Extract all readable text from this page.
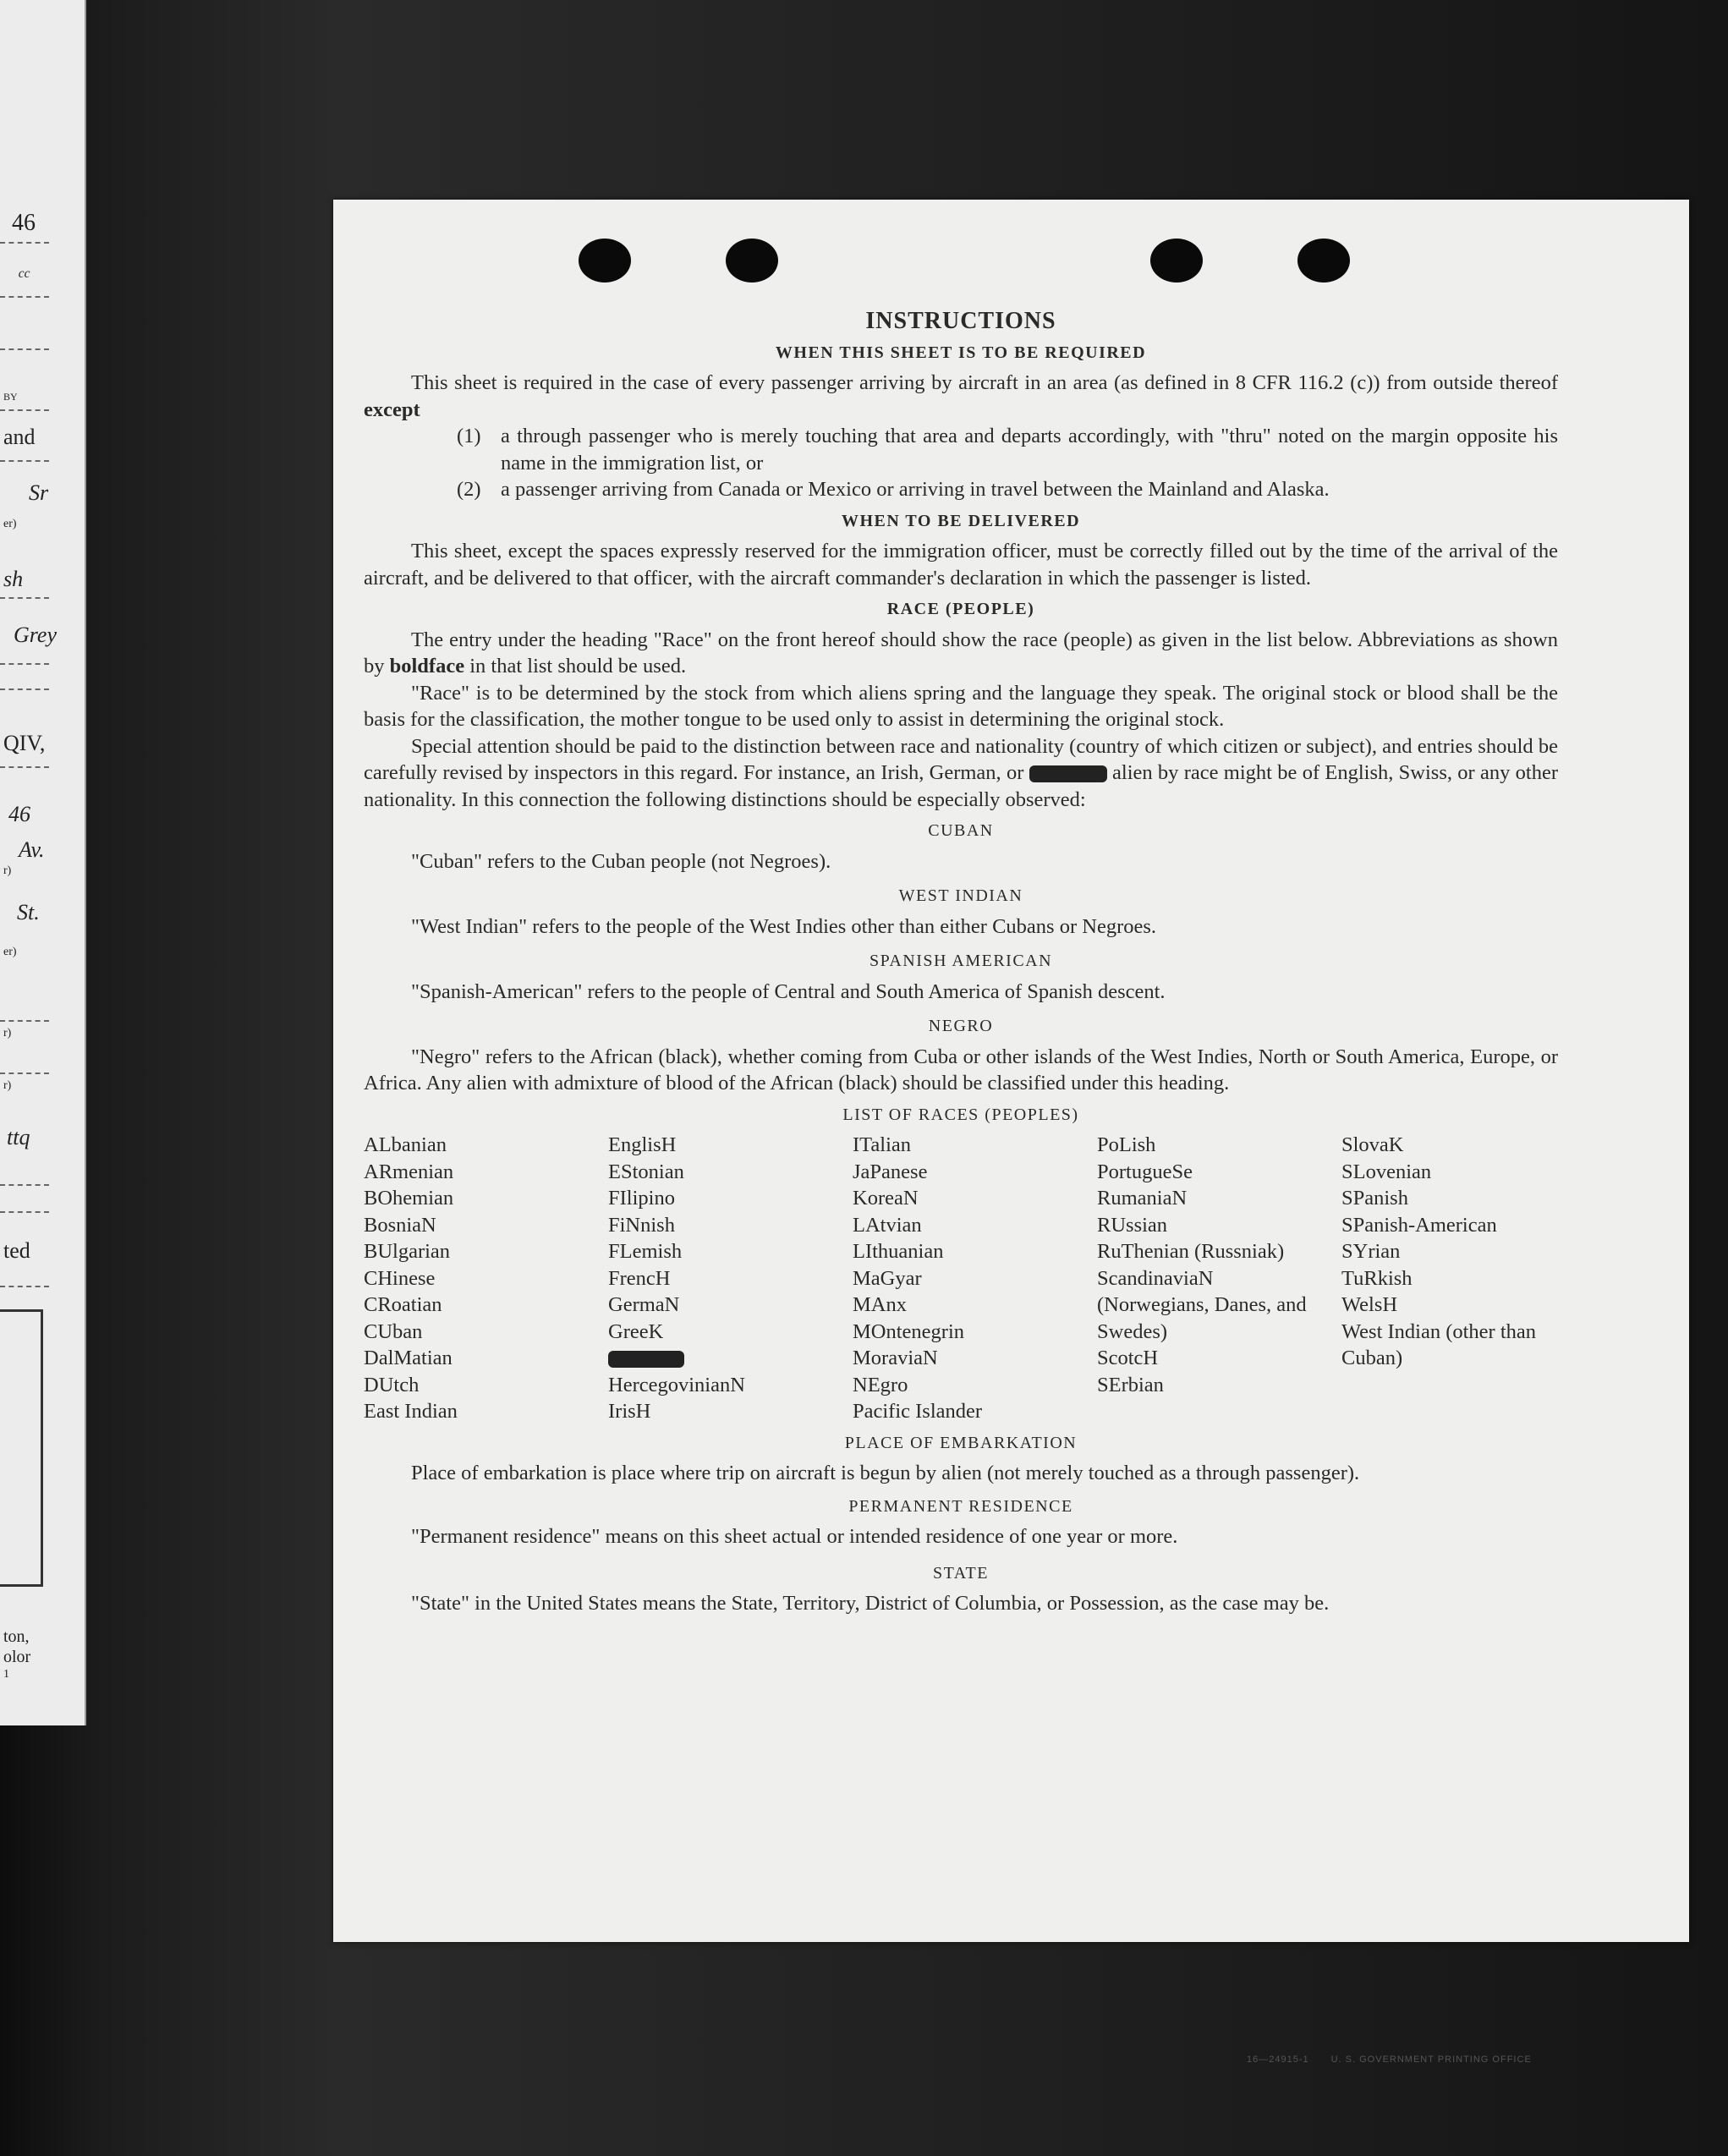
46
ᶜᶜ
BY
and
Sr
er)
sh
Grey
QIV,
46
Av.
r)
St.
er)
r)
r)
ttq
ted
ton,
olor
1
INSTRUCTIONS
WHEN THIS SHEET IS TO BE REQUIRED

This sheet is required in the case of every passenger arriving by aircraft in an area (as defined in 8 CFR 116.2 (c)) from outside thereof except

(1) a through passenger who is merely touching that area and departs accordingly, with "thru" noted on the margin opposite his name in the immigration list, or
(2) a passenger arriving from Canada or Mexico or arriving in travel between the Mainland and Alaska.
WHEN TO BE DELIVERED

This sheet, except the spaces expressly reserved for the immigration officer, must be correctly filled out by the time of the arrival of the aircraft, and be delivered to that officer, with the aircraft commander's declaration in which the passenger is listed.

RACE (PEOPLE)

The entry under the heading "Race" on the front hereof should show the race (people) as given in the list below. Abbreviations as shown by boldface in that list should be used.

"Race" is to be determined by the stock from which aliens spring and the language they speak. The original stock or blood shall be the basis for the classification, the mother tongue to be used only to assist in determining the original stock.

Special attention should be paid to the distinction between race and nationality (country of which citizen or subject), and entries should be carefully revised by inspectors in this regard. For instance, an Irish, German, or	alien by race might be of English, Swiss, or any other nationality. In this connection the following distinctions should be especially observed:

CUBAN

"Cuban" refers to the Cuban people (not Negroes).

WEST INDIAN

"West Indian" refers to the people of the West Indies other than either Cubans or Negroes.

SPANISH AMERICAN

"Spanish-American" refers to the people of Central and South America of Spanish descent.

NEGRO

"Negro" refers to the African (black), whether coming from Cuba or other islands of the West Indies, North or South America, Europe, or Africa. Any alien with admixture of blood of the African (black) should be classified under this heading.

LIST OF RACES (PEOPLES)
ALbanian
ARmenian
BOhemian
BosniaN
BUlgarian
CHinese
CRoatian
CUban
DalMatian
DUtch
East Indian
EnglisH
EStonian
FIlipino
FiNnish
FLemish
FrencH
GermaN
GreeK
HercegovinianN
IrisH
ITalian
JaPanese
KoreaN
LAtvian
LIthuanian
MaGyar
MAnx
MOntenegrin
MoraviaN
NEgro
Pacific Islander
PoLish
PortugueSe
RumaniaN
RUssian
RuThenian (Russniak)
ScandinaviaN (Norwegians, Danes, and Swedes)
ScotcH
SErbian
SlovaK
SLovenian
SPanish
SPanish-American
SYrian
TuRkish
WelsH
West Indian (other than Cuban)
PLACE OF EMBARKATION

Place of embarkation is place where trip on aircraft is begun by alien (not merely touched as a through passenger).

PERMANENT RESIDENCE

"Permanent residence" means on this sheet actual or intended residence of one year or more.

STATE

"State" in the United States means the State, Territory, District of Columbia, or Possession, as the case may be.

16—24915-1 U. S. GOVERNMENT PRINTING OFFICE
